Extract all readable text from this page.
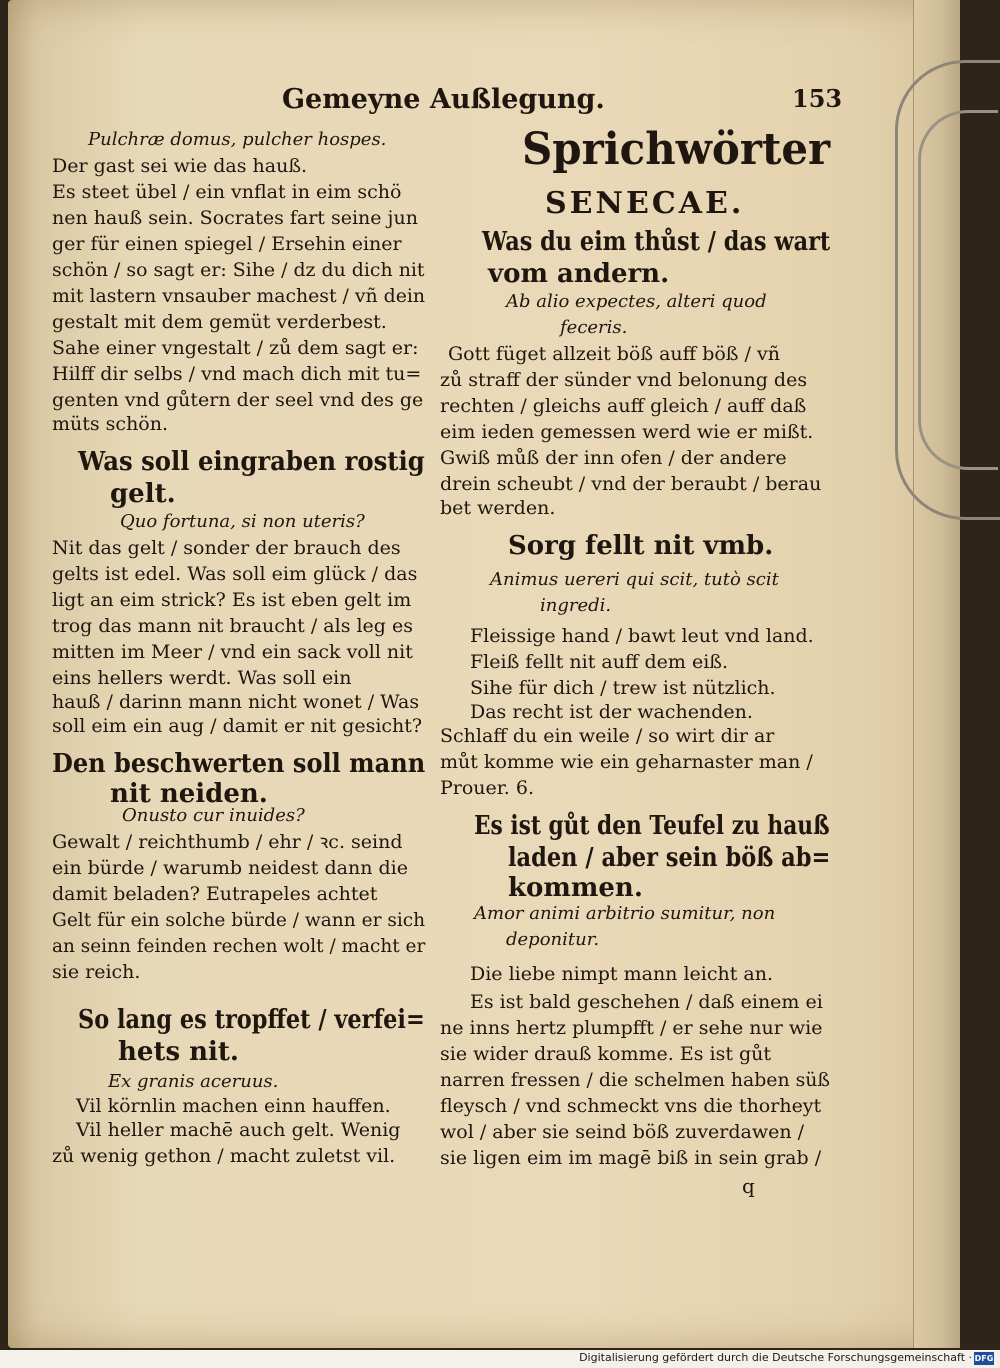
Gemeyne Außlegung.	153

Pulchræ domus, pulcher hospes.

Der gast sei wie das hauß.

Es steet übel / ein vnflat in eim schö

nen hauß sein. Socrates fart seine jun

ger für einen spiegel / Ersehin einer

schön / so sagt er: Sihe / dz du dich nit

mit lastern vnsauber machest / vñ dein

gestalt mit dem gemüt verderbest.

Sahe einer vngestalt / zů dem sagt er:

Hilff dir selbs / vnd mach dich mit tu=

genten vnd gůtern der seel vnd des ge

müts schön.

Was soll eingraben rostig

gelt.

Quo fortuna, si non uteris?

Nit das gelt / sonder der brauch des

gelts ist edel. Was soll eim glück / das

ligt an eim strick? Es ist eben gelt im

trog das mann nit braucht / als leg es

mitten im Meer / vnd ein sack voll nit

eins hellers werdt. Was soll ein

hauß / darinn mann nicht wonet / Was

soll eim ein aug / damit er nit gesicht?

Den beschwerten soll mann

nit neiden.

Onusto cur inuides?

Gewalt / reichthumb / ehr / ꝛc. seind

ein bürde / warumb neidest dann die

damit beladen? Eutrapeles achtet

Gelt für ein solche bürde / wann er sich

an seinn feinden rechen wolt / macht er

sie reich.

So lang es tropffet / verfei=

hets nit.

Ex granis aceruus.

Vil körnlin machen einn hauffen.

Vil heller machē auch gelt. Wenig

zů wenig gethon / macht zuletst vil.

Sprichwörter

SENECAE.

Was du eim thůst / das wart

vom andern.

Ab alio expectes, alteri quod

feceris.

Gott füget allzeit böß auff böß / vñ

zů straff der sünder vnd belonung des

rechten / gleichs auff gleich / auff daß

eim ieden gemessen werd wie er mißt.

Gwiß můß der inn ofen / der andere

drein scheubt / vnd der beraubt / berau

bet werden.

Sorg fellt nit vmb.

Animus uereri qui scit, tutò scit

ingredi.

Fleissige hand / bawt leut vnd land.

Fleiß fellt nit auff dem eiß.

Sihe für dich / trew ist nützlich.

Das recht ist der wachenden.

Schlaff du ein weile / so wirt dir ar

můt komme wie ein geharnaster man /

Prouer. 6.

Es ist gůt den Teufel zu hauß

laden / aber sein böß ab=

kommen.

Amor animi arbitrio sumitur, non

deponitur.

Die liebe nimpt mann leicht an.

Es ist bald geschehen / daß einem ei

ne inns hertz plumpfft / er sehe nur wie

sie wider drauß komme. Es ist gůt

narren fressen / die schelmen haben süß

fleysch / vnd schmeckt vns die thorheyt

wol / aber sie seind böß zuverdawen /

sie ligen eim im magē biß in sein grab /

q

Digitalisierung gefördert durch die Deutsche Forschungsgemeinschaft · DFG
